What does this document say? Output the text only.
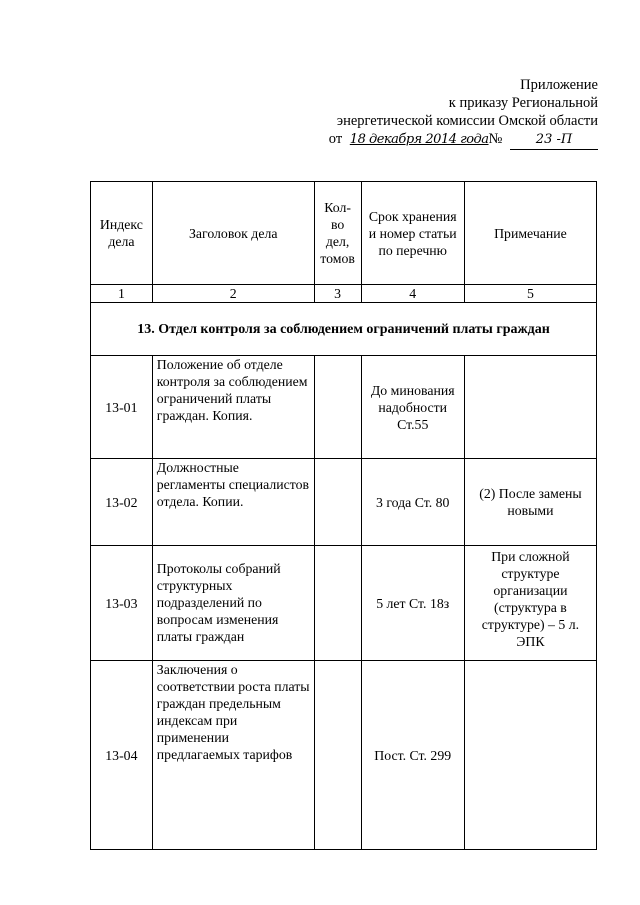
Приложение
к приказу Региональной
энергетической комиссии Омской области
от 18 декабря 2014 года№	23 -П
Индекс дела	Заголовок дела	Кол-во дел, томов	Срок хранения и номер статьи по перечню	Примечание
1	2	3	4	5
13. Отдел контроля за соблюдением ограничений платы граждан				
13-01	Положение об отделе контроля за соблюдением ограничений платы граждан. Копия.		До минования надобности Ст.55	
13-02	Должностные регламенты специалистов отдела. Копии.		3 года Ст. 80	(2) После замены новыми
13-03	Протоколы собраний структурных подразделений по вопросам изменения платы граждан		5 лет Ст. 18з	При сложной структуре организации (структура в структуре) – 5 л. ЭПК
13-04	Заключения о соответствии роста платы граждан предельным индексам при применении предлагаемых тарифов		Пост. Ст. 299	
